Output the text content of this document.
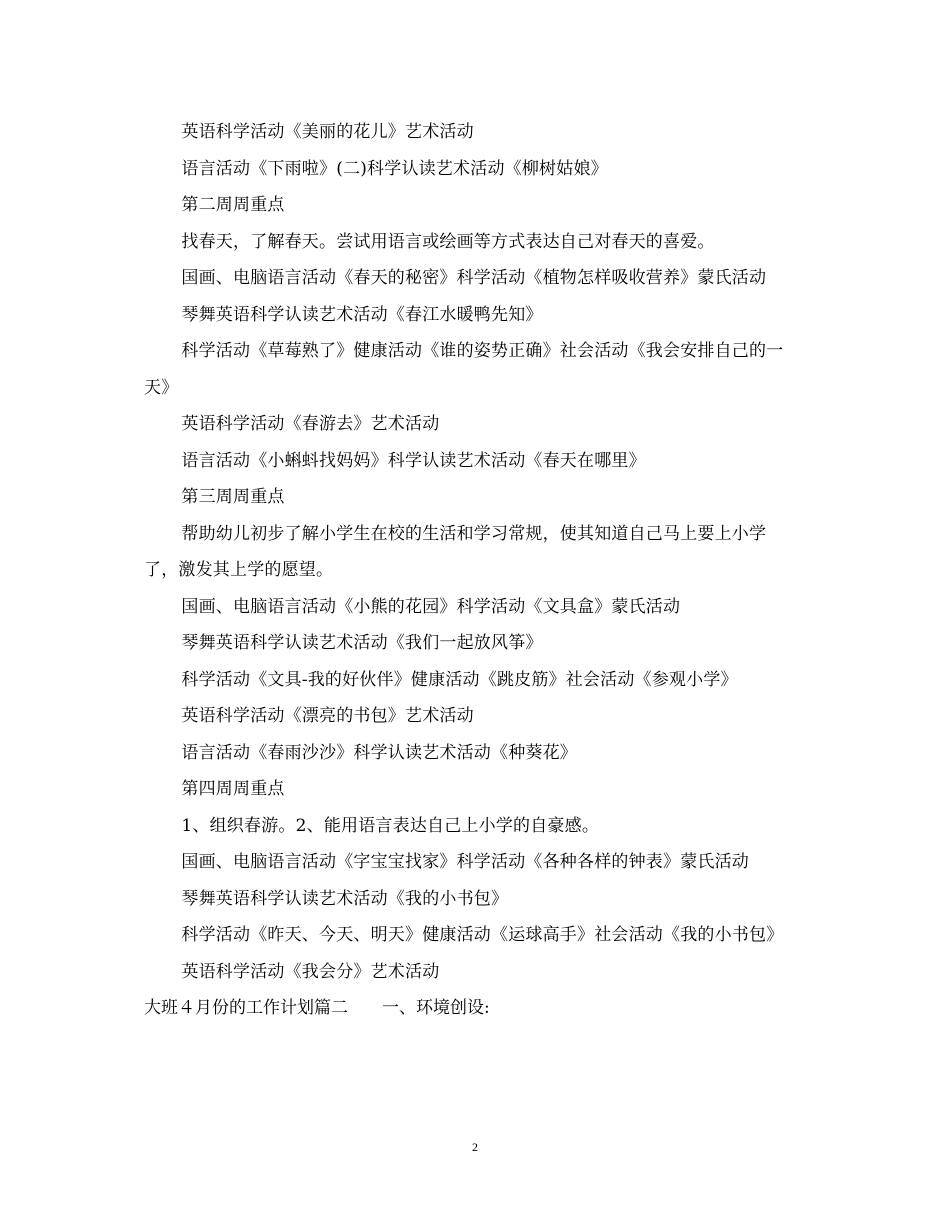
英语科学活动《美丽的花儿》艺术活动

语言活动《下雨啦》(二)科学认读艺术活动《柳树姑娘》

第二周周重点

找春天，了解春天。尝试用语言或绘画等方式表达自己对春天的喜爱。

国画、电脑语言活动《春天的秘密》科学活动《植物怎样吸收营养》蒙氏活动

琴舞英语科学认读艺术活动《春江水暖鸭先知》

科学活动《草莓熟了》健康活动《谁的姿势正确》社会活动《我会安排自己的一天》

英语科学活动《春游去》艺术活动

语言活动《小蝌蚪找妈妈》科学认读艺术活动《春天在哪里》

第三周周重点

帮助幼儿初步了解小学生在校的生活和学习常规，使其知道自己马上要上小学了，激发其上学的愿望。

国画、电脑语言活动《小熊的花园》科学活动《文具盒》蒙氏活动

琴舞英语科学认读艺术活动《我们一起放风筝》

科学活动《文具-我的好伙伴》健康活动《跳皮筋》社会活动《参观小学》

英语科学活动《漂亮的书包》艺术活动

语言活动《春雨沙沙》科学认读艺术活动《种葵花》

第四周周重点

1、组织春游。2、能用语言表达自己上小学的自豪感。

国画、电脑语言活动《字宝宝找家》科学活动《各种各样的钟表》蒙氏活动

琴舞英语科学认读艺术活动《我的小书包》

科学活动《昨天、今天、明天》健康活动《运球高手》社会活动《我的小书包》

英语科学活动《我会分》艺术活动

大班４月份的工作计划篇二　　一、环境创设:

2
